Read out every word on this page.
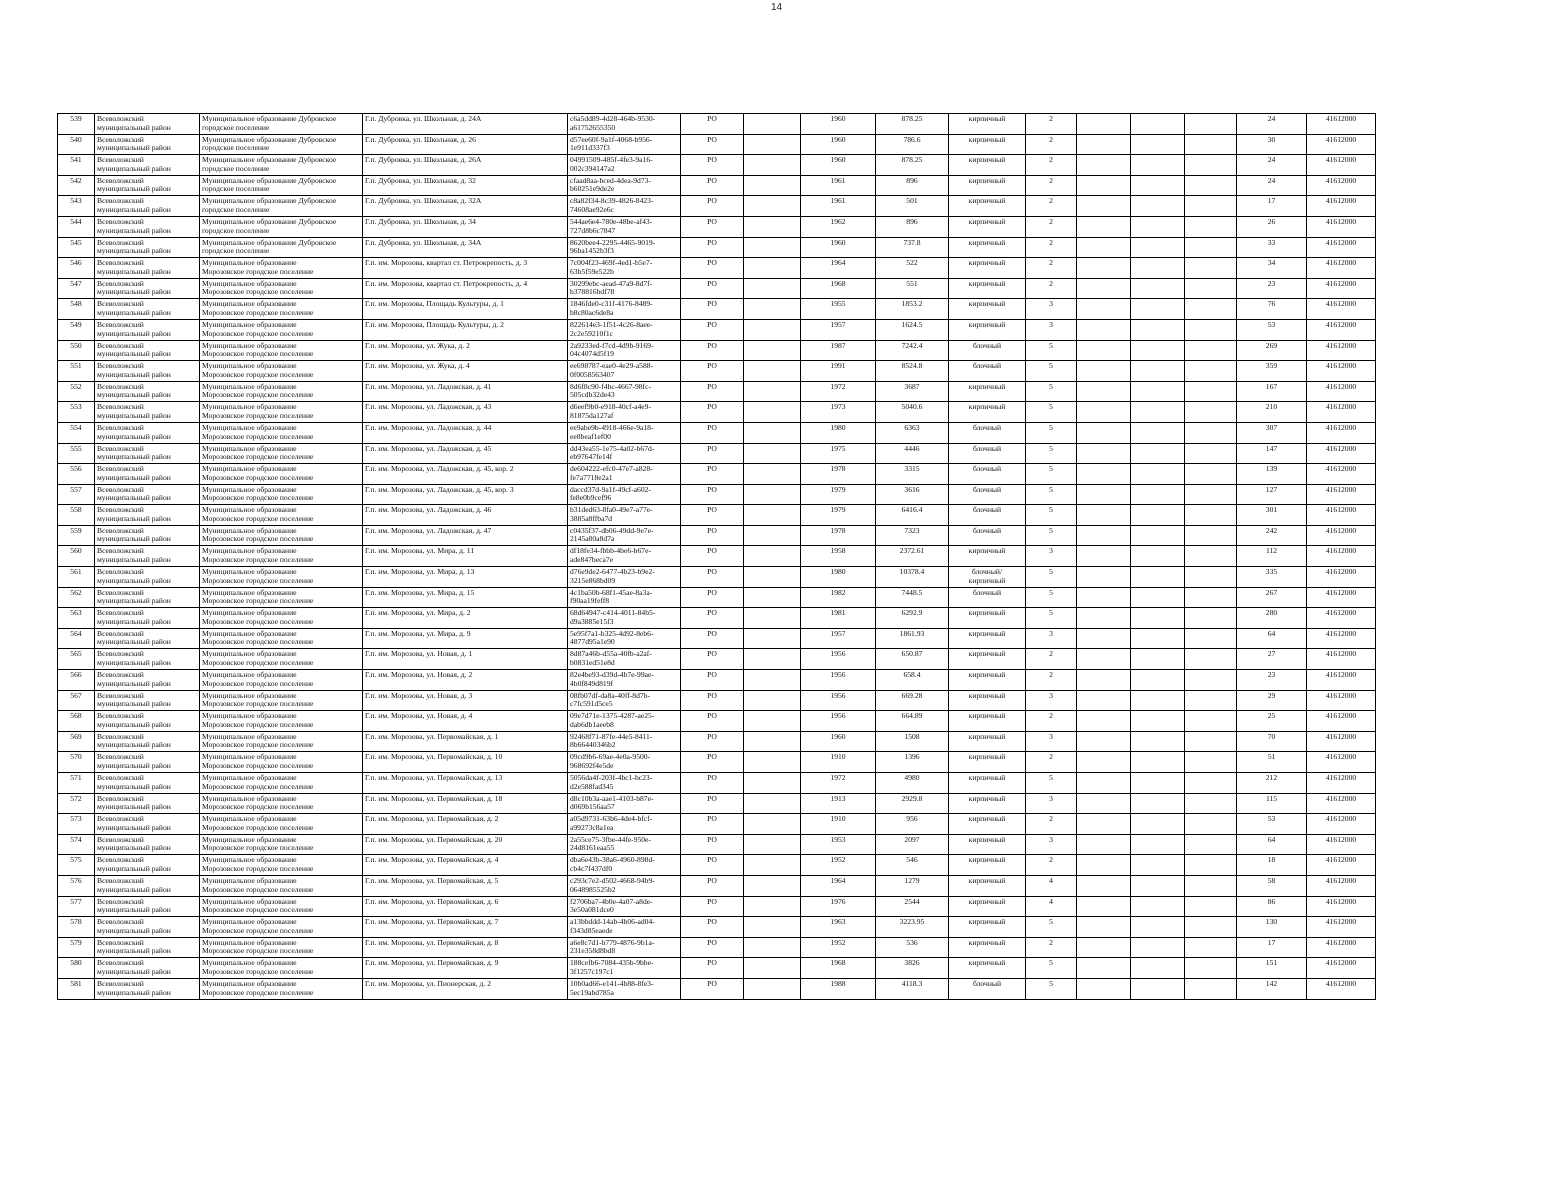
14
539	Всеволожский
муниципальный район	Муниципальное образование Дубровское
городское поселение	Г.п. Дубровка, ул. Школьная, д. 24А	c6a5dd89-4d28-464b-9530-
a61752655350	РО		1960	878.25	кирпичный	2				24	41612000
540	Всеволожский
муниципальный район	Муниципальное образование Дубровское
городское поселение	Г.п. Дубровка, ул. Школьная, д. 26	d57ee60f-9a1f-4068-b956-
1e911d337f3	РО		1960	786.6	кирпичный	2				30	41612000
541	Всеволожский
муниципальный район	Муниципальное образование Дубровское
городское поселение	Г.п. Дубровка, ул. Школьная, д. 26А	04991509-485f-4fe3-9a16-
002c394147a2	РО		1960	878.25	кирпичный	2				24	41612000
542	Всеволожский
муниципальный район	Муниципальное образование Дубровское
городское поселение	Г.п. Дубровка, ул. Школьная, д. 32	cfaad8aa-bced-4dea-9d73-
b60251e9de2e	РО		1961	896	кирпичный	2				24	41612000
543	Всеволожский
муниципальный район	Муниципальное образование Дубровское
городское поселение	Г.п. Дубровка, ул. Школьная, д. 32А	c8a82f34-8c39-4826-8423-
74608ae92e6c	РО		1961	501	кирпичный	2				17	41612000
544	Всеволожский
муниципальный район	Муниципальное образование Дубровское
городское поселение	Г.п. Дубровка, ул. Школьная, д. 34	544ae6e4-780e-48be-af43-
727d8b6c7847	РО		1962	896	кирпичный	2				26	41612000
545	Всеволожский
муниципальный район	Муниципальное образование Дубровское
городское поселение	Г.п. Дубровка, ул. Школьная, д. 34А	8620bee4-2295-4465-9019-
96ba1452b3f3	РО		1960	737.8	кирпичный	2				33	41612000
546	Всеволожский
муниципальный район	Муниципальное образование
Морозовское городское поселение	Г.п. им. Морозова, квартал ст. Петрокрепость, д. 3	7c004f23-469f-4ed1-b5e7-
63b5f59e522b	РО		1964	522	кирпичный	2				34	41612000
547	Всеволожский
муниципальный район	Муниципальное образование
Морозовское городское поселение	Г.п. им. Морозова, квартал ст. Петрокрепость, д. 4	30299ebc-aead-47a9-8d7f-
b378816bdf78	РО		1968	551	кирпичный	2				23	41612000
548	Всеволожский
муниципальный район	Муниципальное образование
Морозовское городское поселение	Г.п. им. Морозова, Площадь Культуры, д. 1	1846fde0-c31f-4176-8489-
b8c80ac6de8a	РО		1955	1853.2	кирпичный	3				76	41612000
549	Всеволожский
муниципальный район	Муниципальное образование
Морозовское городское поселение	Г.п. им. Морозова, Площадь Культуры, д. 2	822614e3-1f51-4c26-8aee-
2c2e59210f1c	РО		1957	1624.5	кирпичный	3				53	41612000
550	Всеволожский
муниципальный район	Муниципальное образование
Морозовское городское поселение	Г.п. им. Морозова, ул. Жука, д. 2	2a9233ed-f7cd-4d9b-9169-
04c4074d5f19	РО		1987	7242.4	блочный	5				269	41612000
551	Всеволожский
муниципальный район	Муниципальное образование
Морозовское городское поселение	Г.п. им. Морозова, ул. Жука, д. 4	ee698787-eae0-4e29-a588-
0f0058563407	РО		1991	8524.8	блочный	5				359	41612000
552	Всеволожский
муниципальный район	Муниципальное образование
Морозовское городское поселение	Г.п. им. Морозова, ул. Ладожская, д. 41	8d6f8c90-f4bc-4667-98fc-
505cdb32de43	РО		1972	3687	кирпичный	5				167	41612000
553	Всеволожский
муниципальный район	Муниципальное образование
Морозовское городское поселение	Г.п. им. Морозова, ул. Ладожская, д. 43	d6eef9b0-e918-40cf-a4e9-
81875da127af	РО		1973	5040.6	кирпичный	5				210	41612000
554	Всеволожский
муниципальный район	Муниципальное образование
Морозовское городское поселение	Г.п. им. Морозова, ул. Ладожская, д. 44	ee9abe9b-4918-466e-9a18-
ee8beaf1ef00	РО		1980	6363	блочный	5				307	41612000
555	Всеволожский
муниципальный район	Муниципальное образование
Морозовское городское поселение	Г.п. им. Морозова, ул. Ладожская, д. 45	dd43ea55-1e75-4a02-b67d-
eb97647fe14f	РО		1975	4446	блочный	5				147	41612000
556	Всеволожский
муниципальный район	Муниципальное образование
Морозовское городское поселение	Г.п. им. Морозова, ул. Ладожская, д. 45, кор. 2	de604222-efc0-47e7-a828-
fe7a7718e2a1	РО		1978	3315	блочный	5				139	41612000
557	Всеволожский
муниципальный район	Муниципальное образование
Морозовское городское поселение	Г.п. им. Морозова, ул. Ладожская, д. 45, кор. 3	daccd37d-9a1f-49cf-a602-
fe8e0b9cef96	РО		1979	3616	блочный	5				127	41612000
558	Всеволожский
муниципальный район	Муниципальное образование
Морозовское городское поселение	Г.п. им. Морозова, ул. Ладожская, д. 46	b31ded63-8fa0-49e7-a77e-
3885a8ffba7d	РО		1979	6416.4	блочный	5				301	41612000
559	Всеволожский
муниципальный район	Муниципальное образование
Морозовское городское поселение	Г.п. им. Морозова, ул. Ладожская, д. 47	c0435f37-db06-49dd-9e7e-
2145a80a8d7a	РО		1978	7323	блочный	5				242	41612000
560	Всеволожский
муниципальный район	Муниципальное образование
Морозовское городское поселение	Г.п. им. Морозова, ул. Мира, д. 11	df18fe34-fbbb-4be6-b67e-
ade847beca7e	РО		1958	2372.61	кирпичный	3				112	41612000
561	Всеволожский
муниципальный район	Муниципальное образование
Морозовское городское поселение	Г.п. им. Морозова, ул. Мира, д. 13	d76e9de2-6477-4b23-b9e2-
3215e868bd09	РО		1980	10378.4	блочный/
кирпичный	5				335	41612000
562	Всеволожский
муниципальный район	Муниципальное образование
Морозовское городское поселение	Г.п. им. Морозова, ул. Мира, д. 15	4c1ba50b-68f1-45ae-8a3a-
f90aa19feff8	РО		1982	7448.5	блочный	5				267	41612000
563	Всеволожский
муниципальный район	Муниципальное образование
Морозовское городское поселение	Г.п. им. Морозова, ул. Мира, д. 2	68d64947-c414-4011-84b5-
d9a3885e15f3	РО		1981	6292.9	кирпичный	5				280	41612000
564	Всеволожский
муниципальный район	Муниципальное образование
Морозовское городское поселение	Г.п. им. Морозова, ул. Мира, д. 9	5e95f7a1-b325-4d92-8eb6-
4877d95a1e90	РО		1957	1861.93	кирпичный	3				64	41612000
565	Всеволожский
муниципальный район	Муниципальное образование
Морозовское городское поселение	Г.п. им. Морозова, ул. Новая, д. 1	8d87a46b-d55a-40fb-a2af-
b0831ed51e8d	РО		1956	650.87	кирпичный	2				27	41612000
566	Всеволожский
муниципальный район	Муниципальное образование
Морозовское городское поселение	Г.п. им. Морозова, ул. Новая, д. 2	82e4be93-d39d-4b7e-99ae-
4b0f849d819f	РО		1956	658.4	кирпичный	2				23	41612000
567	Всеволожский
муниципальный район	Муниципальное образование
Морозовское городское поселение	Г.п. им. Морозова, ул. Новая, д. 3	08fb07df-da8a-40ff-8d7b-
c7fc591d5ce5	РО		1956	669.28	кирпичный	3				29	41612000
568	Всеволожский
муниципальный район	Муниципальное образование
Морозовское городское поселение	Г.п. им. Морозова, ул. Новая, д. 4	09e7d71e-1375-4287-ae25-
dab6db1aeeb8	РО		1956	664.89	кирпичный	2				25	41612000
569	Всеволожский
муниципальный район	Муниципальное образование
Морозовское городское поселение	Г.п. им. Морозова, ул. Первомайская, д. 1	92468f71-87fe-44e5-8411-
8b66440346b2	РО		1960	1508	кирпичный	3				70	41612000
570	Всеволожский
муниципальный район	Муниципальное образование
Морозовское городское поселение	Г.п. им. Морозова, ул. Первомайская, д. 10	09cd9b6-69ae-4e0a-9500-
968692f4e5de	РО		1910	1396	кирпичный	2				51	41612000
571	Всеволожский
муниципальный район	Муниципальное образование
Морозовское городское поселение	Г.п. им. Морозова, ул. Первомайская, д. 13	5056da4f-203f-4bc1-bc23-
d2e588fad345	РО		1972	4980	кирпичный	5				212	41612000
572	Всеволожский
муниципальный район	Муниципальное образование
Морозовское городское поселение	Г.п. им. Морозова, ул. Первомайская, д. 18	d8c10b3a-aae1-4103-b87e-
d069b156aa57	РО		1913	2929.8	кирпичный	3				115	41612000
573	Всеволожский
муниципальный район	Муниципальное образование
Морозовское городское поселение	Г.п. им. Морозова, ул. Первомайская, д. 2	a05d9731-63b6-4de4-bfcf-
a99273c8a1ea	РО		1910	956	кирпичный	2				53	41612000
574	Всеволожский
муниципальный район	Муниципальное образование
Морозовское городское поселение	Г.п. им. Морозова, ул. Первомайская, д. 20	2a55ce75-3fbe-44fe-950e-
24d8161eaa55	РО		1953	2097	кирпичный	3				64	41612000
575	Всеволожский
муниципальный район	Муниципальное образование
Морозовское городское поселение	Г.п. им. Морозова, ул. Первомайская, д. 4	dba6e43b-38a6-4960-898d-
cb4c7f437df0	РО		1952	546	кирпичный	2				18	41612000
576	Всеволожский
муниципальный район	Муниципальное образование
Морозовское городское поселение	Г.п. им. Морозова, ул. Первомайская, д. 5	c293c7e2-d502-4668-94b9-
0648985525b2	РО		1964	1279	кирпичный	4				58	41612000
577	Всеволожский
муниципальный район	Муниципальное образование
Морозовское городское поселение	Г.п. им. Морозова, ул. Первомайская, д. 6	f2706ba7-4b0e-4a07-a8de-
3e50a081dce0	РО		1976	2544	кирпичный	4				86	41612000
578	Всеволожский
муниципальный район	Муниципальное образование
Морозовское городское поселение	Г.п. им. Морозова, ул. Первомайская, д. 7	a13bbddd-14ab-4b06-ad04-
f343d85eaede	РО		1963	3223.95	кирпичный	5				130	41612000
579	Всеволожский
муниципальный район	Муниципальное образование
Морозовское городское поселение	Г.п. им. Морозова, ул. Первомайская, д. 8	a6e8c7d1-b779-4876-9b1a-
231e358d8bd8	РО		1952	536	кирпичный	2				17	41612000
580	Всеволожский
муниципальный район	Муниципальное образование
Морозовское городское поселение	Г.п. им. Морозова, ул. Первомайская, д. 9	188cefb6-7084-435b-9bbe-
3f1257c197c1	РО		1968	3826	кирпичный	5				151	41612000
581	Всеволожский
муниципальный район	Муниципальное образование
Морозовское городское поселение	Г.п. им. Морозова, ул. Пионерская, д. 2	10b0ad66-e141-4b88-8fe3-
5ec19abd785a	РО		1988	4118.3	блочный	5				142	41612000
